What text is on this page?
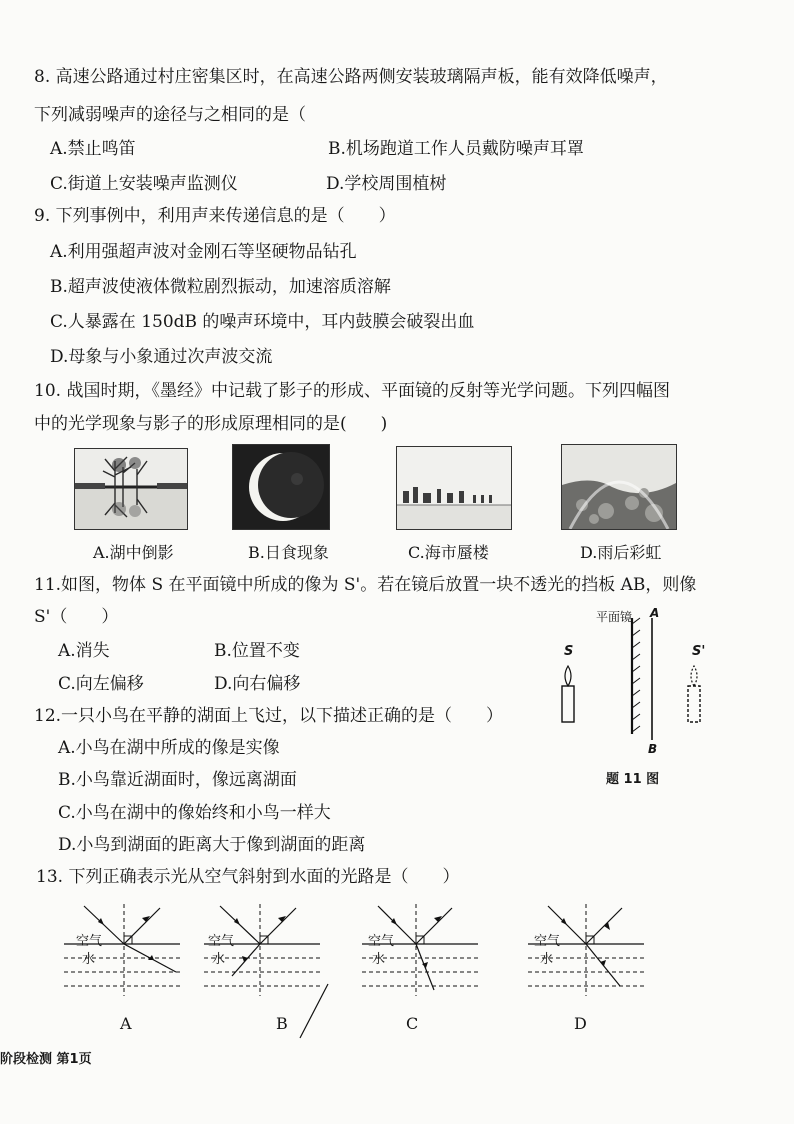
8. 高速公路通过村庄密集区时，在高速公路两侧安装玻璃隔声板，能有效降低噪声，
下列减弱噪声的途径与之相同的是（
A.禁止鸣笛	B.机场跑道工作人员戴防噪声耳罩
C.街道上安装噪声监测仪	D.学校周围植树
9. 下列事例中，利用声来传递信息的是（　　）
A.利用强超声波对金刚石等坚硬物品钻孔
B.超声波使液体微粒剧烈振动，加速溶质溶解
C.人暴露在 150dB 的噪声环境中，耳内鼓膜会破裂出血
D.母象与小象通过次声波交流
10. 战国时期，《墨经》中记载了影子的形成、平面镜的反射等光学问题。下列四幅图
中的光学现象与影子的形成原理相同的是(　　)
A.湖中倒影	B.日食现象	C.海市蜃楼	D.雨后彩虹
11.如图，物体 S 在平面镜中所成的像为 S'。若在镜后放置一块不透光的挡板 AB，则像
S'（　　）
A.消失	B.位置不变
C.向左偏移	D.向右偏移
平面镜 A
B
S	S'
题 11 图
12.一只小鸟在平静的湖面上飞过，以下描述正确的是（　　）
A.小鸟在湖中所成的像是实像
B.小鸟靠近湖面时，像远离湖面
C.小鸟在湖中的像始终和小鸟一样大
D.小鸟到湖面的距离大于像到湖面的距离
13. 下列正确表示光从空气斜射到水面的光路是（　　）
空气
水
空气
水
空气
水
空气
水
A	B	C	D
阶段检测 第1页
